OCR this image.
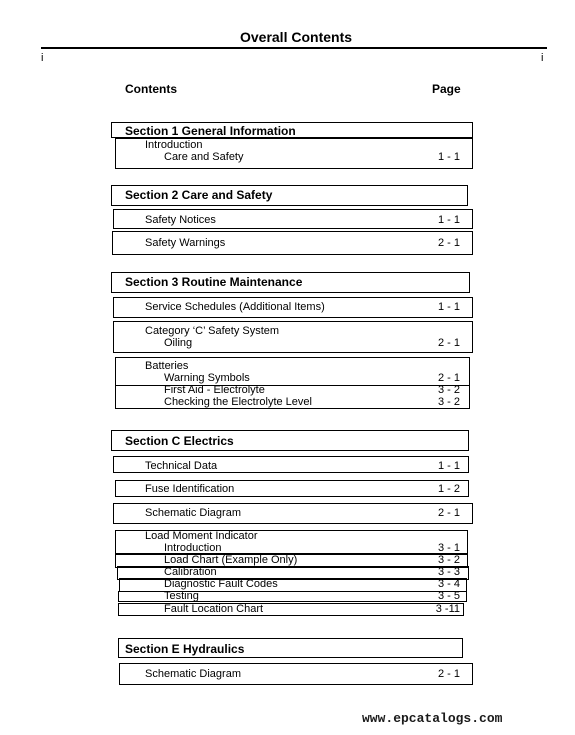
Overall Contents
i	i
Contents	Page
Section 1 General Information
Introduction
Care and Safety	1 - 1
Section 2 Care and Safety
Safety Notices	1 - 1
Safety Warnings	2 - 1
Section 3 Routine Maintenance
Service Schedules (Additional Items)	1 - 1
Category ‘C’ Safety System
Oiling	2 - 1
Batteries
Warning Symbols	2 - 1
First Aid - Electrolyte	3 - 2
Checking the Electrolyte Level	3 - 2
Section C Electrics
Technical Data	1 - 1
Fuse Identification	1 - 2
Schematic Diagram	2 - 1
Load Moment Indicator
Introduction	3 - 1
Load Chart (Example Only)	3 - 2
Calibration	3 - 3
Diagnostic Fault Codes	3 - 4
Testing	3 - 5
Fault Location Chart	3 -11
Section E Hydraulics
Schematic Diagram	2 - 1
www.epcatalogs.com
